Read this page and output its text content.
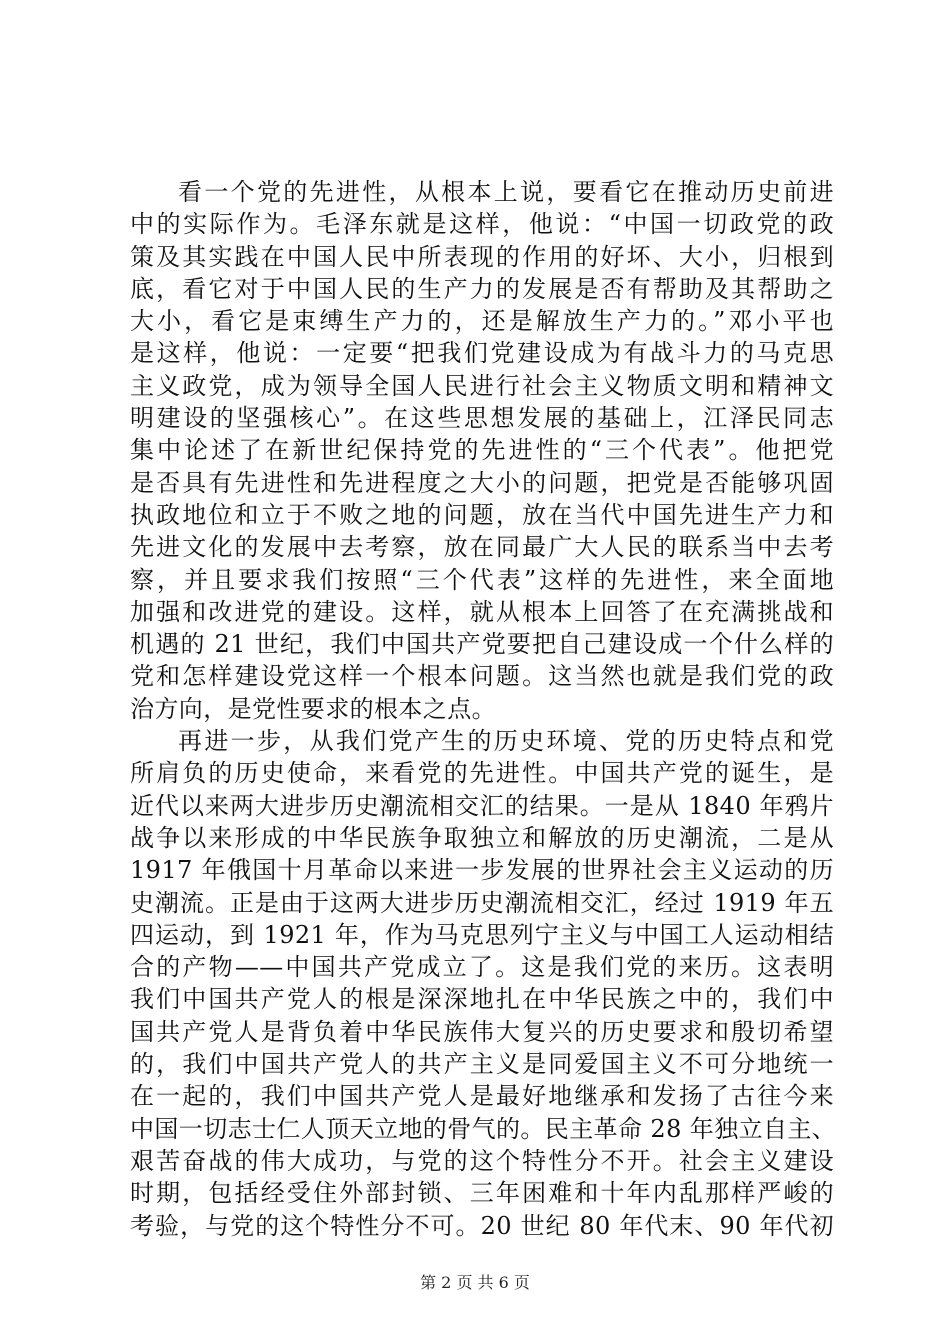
看一个党的先进性，从根本上说，要看它在推动历史前进
中的实际作为。毛泽东就是这样，他说：“中国一切政党的政
策及其实践在中国人民中所表现的作用的好坏、大小，归根到
底，看它对于中国人民的生产力的发展是否有帮助及其帮助之
大小，看它是束缚生产力的，还是解放生产力的。”邓小平也
是这样，他说：一定要“把我们党建设成为有战斗力的马克思
主义政党，成为领导全国人民进行社会主义物质文明和精神文
明建设的坚强核心”。在这些思想发展的基础上，江泽民同志
集中论述了在新世纪保持党的先进性的“三个代表”。他把党
是否具有先进性和先进程度之大小的问题，把党是否能够巩固
执政地位和立于不败之地的问题，放在当代中国先进生产力和
先进文化的发展中去考察，放在同最广大人民的联系当中去考
察，并且要求我们按照“三个代表”这样的先进性，来全面地
加强和改进党的建设。这样，就从根本上回答了在充满挑战和
机遇的 21 世纪，我们中国共产党要把自己建设成一个什么样的
党和怎样建设党这样一个根本问题。这当然也就是我们党的政
治方向，是党性要求的根本之点。
再进一步，从我们党产生的历史环境、党的历史特点和党
所肩负的历史使命，来看党的先进性。中国共产党的诞生，是
近代以来两大进步历史潮流相交汇的结果。一是从 1840 年鸦片
战争以来形成的中华民族争取独立和解放的历史潮流，二是从
1917 年俄国十月革命以来进一步发展的世界社会主义运动的历
史潮流。正是由于这两大进步历史潮流相交汇，经过 1919 年五
四运动，到 1921 年，作为马克思列宁主义与中国工人运动相结
合的产物——中国共产党成立了。这是我们党的来历。这表明
我们中国共产党人的根是深深地扎在中华民族之中的，我们中
国共产党人是背负着中华民族伟大复兴的历史要求和殷切希望
的，我们中国共产党人的共产主义是同爱国主义不可分地统一
在一起的，我们中国共产党人是最好地继承和发扬了古往今来
中国一切志士仁人顶天立地的骨气的。民主革命 28 年独立自主、
艰苦奋战的伟大成功，与党的这个特性分不开。社会主义建设
时期，包括经受住外部封锁、三年困难和十年内乱那样严峻的
考验，与党的这个特性分不可。20 世纪 80 年代末、90 年代初
第 2 页 共 6 页
